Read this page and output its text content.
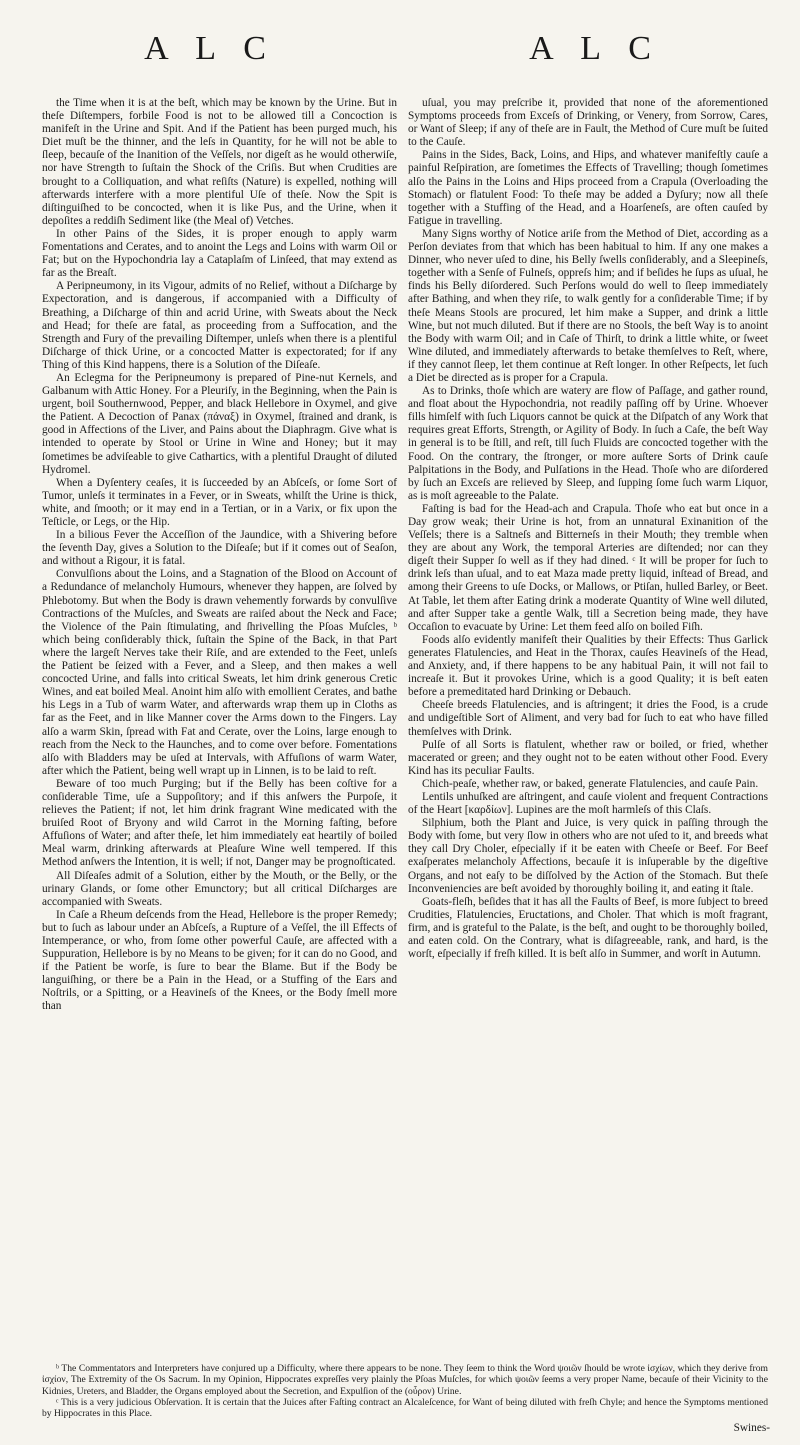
A L C	A L C

the Time when it is at the beſt, which may be known by the Urine. But in theſe Diſtempers, forbile Food is not to be allowed till a Concoction is manifeſt in the Urine and Spit. And if the Patient has been purged much, his Diet muſt be the thinner, and the leſs in Quantity, for he will not be able to ſleep, becauſe of the Inanition of the Veſſels, nor digeſt as he would otherwiſe, nor have Strength to ſuſtain the Shock of the Criſis. But when Crudities are brought to a Colliquation, and what reſiſts (Nature) is expelled, nothing will afterwards interfere with a more plentiful Uſe of theſe. Now the Spit is diſtinguiſhed to be concocted, when it is like Pus, and the Urine, when it depoſites a reddiſh Sediment like (the Meal of) Vetches.

In other Pains of the Sides, it is proper enough to apply warm Fomentations and Cerates, and to anoint the Legs and Loins with warm Oil or Fat; but on the Hypochondria lay a Cataplaſm of Linſeed, that may extend as far as the Breaſt.

A Peripneumony, in its Vigour, admits of no Relief, without a Diſcharge by Expectoration, and is dangerous, if accompanied with a Difficulty of Breathing, a Diſcharge of thin and acrid Urine, with Sweats about the Neck and Head; for theſe are fatal, as proceeding from a Suffocation, and the Strength and Fury of the prevailing Diſtemper, unleſs when there is a plentiful Diſcharge of thick Urine, or a concocted Matter is expectorated; for if any Thing of this Kind happens, there is a Solution of the Diſeaſe.

An Eclegma for the Peripneumony is prepared of Pine-nut Kernels, and Galbanum with Attic Honey. For a Pleuriſy, in the Beginning, when the Pain is urgent, boil Southernwood, Pepper, and black Hellebore in Oxymel, and give the Patient. A Decoction of Panax (πάναξ) in Oxymel, ſtrained and drank, is good in Affections of the Liver, and Pains about the Diaphragm. Give what is intended to operate by Stool or Urine in Wine and Honey; but it may ſometimes be adviſeable to give Cathartics, with a plentiful Draught of diluted Hydromel.

When a Dyſentery ceaſes, it is ſucceeded by an Abſceſs, or ſome Sort of Tumor, unleſs it terminates in a Fever, or in Sweats, whilſt the Urine is thick, white, and ſmooth; or it may end in a Tertian, or in a Varix, or fix upon the Teſticle, or Legs, or the Hip.

In a bilious Fever the Acceſſion of the Jaundice, with a Shivering before the ſeventh Day, gives a Solution to the Diſeaſe; but if it comes out of Seaſon, and without a Rigour, it is fatal.

Convulſions about the Loins, and a Stagnation of the Blood on Account of a Redundance of melancholy Humours, whenever they happen, are ſolved by Phlebotomy. But when the Body is drawn vehemently forwards by convulſive Contractions of the Muſcles, and Sweats are raiſed about the Neck and Face; the Violence of the Pain ſtimulating, and ſhrivelling the Pſoas Muſcles, ᵇ which being conſiderably thick, ſuſtain the Spine of the Back, in that Part where the largeſt Nerves take their Riſe, and are extended to the Feet, unleſs the Patient be ſeized with a Fever, and a Sleep, and then makes a well concocted Urine, and falls into critical Sweats, let him drink generous Cretic Wines, and eat boiled Meal. Anoint him alſo with emollient Cerates, and bathe his Legs in a Tub of warm Water, and afterwards wrap them up in Cloths as far as the Feet, and in like Manner cover the Arms down to the Fingers. Lay alſo a warm Skin, ſpread with Fat and Cerate, over the Loins, large enough to reach from the Neck to the Haunches, and to come over before. Fomentations alſo with Bladders may be uſed at Intervals, with Affuſions of warm Water, after which the Patient, being well wrapt up in Linnen, is to be laid to reſt.

Beware of too much Purging; but if the Belly has been coſtive for a conſiderable Time, uſe a Suppoſitory; and if this anſwers the Purpoſe, it relieves the Patient; if not, let him drink fragrant Wine medicated with the bruiſed Root of Bryony and wild Carrot in the Morning faſting, before Affuſions of Water; and after theſe, let him immediately eat heartily of boiled Meal warm, drinking afterwards at Pleaſure Wine well tempered. If this Method anſwers the Intention, it is well; if not, Danger may be prognoſticated.

All Diſeaſes admit of a Solution, either by the Mouth, or the Belly, or the urinary Glands, or ſome other Emunctory; but all critical Diſcharges are accompanied with Sweats.

In Caſe a Rheum deſcends from the Head, Hellebore is the proper Remedy; but to ſuch as labour under an Abſceſs, a Rupture of a Veſſel, the ill Effects of Intemperance, or who, from ſome other powerful Cauſe, are affected with a Suppuration, Hellebore is by no Means to be given; for it can do no Good, and if the Patient be worſe, is ſure to bear the Blame. But if the Body be languiſhing, or there be a Pain in the Head, or a Stuffing of the Ears and Noſtrils, or a Spitting, or a Heavineſs of the Knees, or the Body ſmell more than

uſual, you may preſcribe it, provided that none of the aforementioned Symptoms proceeds from Exceſs of Drinking, or Venery, from Sorrow, Cares, or Want of Sleep; if any of theſe are in Fault, the Method of Cure muſt be ſuited to the Cauſe.

Pains in the Sides, Back, Loins, and Hips, and whatever manifeſtly cauſe a painful Reſpiration, are ſometimes the Effects of Travelling; though ſometimes alſo the Pains in the Loins and Hips proceed from a Crapula (Overloading the Stomach) or flatulent Food: To theſe may be added a Dyſury; now all theſe together with a Stuffing of the Head, and a Hoarſeneſs, are often cauſed by Fatigue in travelling.

Many Signs worthy of Notice ariſe from the Method of Diet, according as a Perſon deviates from that which has been habitual to him. If any one makes a Dinner, who never uſed to dine, his Belly ſwells conſiderably, and a Sleepineſs, together with a Senſe of Fulneſs, oppreſs him; and if beſides he ſups as uſual, he finds his Belly diſordered. Such Perſons would do well to ſleep immediately after Bathing, and when they riſe, to walk gently for a conſiderable Time; if by theſe Means Stools are procured, let him make a Supper, and drink a little Wine, but not much diluted. But if there are no Stools, the beſt Way is to anoint the Body with warm Oil; and in Caſe of Thirſt, to drink a little white, or ſweet Wine diluted, and immediately afterwards to betake themſelves to Reſt, where, if they cannot ſleep, let them continue at Reſt longer. In other Reſpects, let ſuch a Diet be directed as is proper for a Crapula.

As to Drinks, thoſe which are watery are flow of Paſſage, and gather round, and float about the Hypochondria, not readily paſſing off by Urine. Whoever fills himſelf with ſuch Liquors cannot be quick at the Diſpatch of any Work that requires great Efforts, Strength, or Agility of Body. In ſuch a Caſe, the beſt Way in general is to be ſtill, and reſt, till ſuch Fluids are concocted together with the Food. On the contrary, the ſtronger, or more auſtere Sorts of Drink cauſe Palpitations in the Body, and Pulſations in the Head. Thoſe who are diſordered by ſuch an Exceſs are relieved by Sleep, and ſupping ſome ſuch warm Liquor, as is moſt agreeable to the Palate.

Faſting is bad for the Head-ach and Crapula. Thoſe who eat but once in a Day grow weak; their Urine is hot, from an unnatural Exinanition of the Veſſels; there is a Saltneſs and Bitterneſs in their Mouth; they tremble when they are about any Work, the temporal Arteries are diſtended; nor can they digeſt their Supper ſo well as if they had dined. ᶜ It will be proper for ſuch to drink leſs than uſual, and to eat Maza made pretty liquid, inſtead of Bread, and among their Greens to uſe Docks, or Mallows, or Ptiſan, hulled Barley, or Beet. At Table, let them after Eating drink a moderate Quantity of Wine well diluted, and after Supper take a gentle Walk, till a Secretion being made, they have Occaſion to evacuate by Urine: Let them feed alſo on boiled Fiſh.

Foods alſo evidently manifeſt their Qualities by their Effects: Thus Garlick generates Flatulencies, and Heat in the Thorax, cauſes Heavineſs of the Head, and Anxiety, and, if there happens to be any habitual Pain, it will not fail to increaſe it. But it provokes Urine, which is a good Quality; it is beſt eaten before a premeditated hard Drinking or Debauch.

Cheeſe breeds Flatulencies, and is aſtringent; it dries the Food, is a crude and undigeſtible Sort of Aliment, and very bad for ſuch to eat who have filled themſelves with Drink.

Pulſe of all Sorts is flatulent, whether raw or boiled, or fried, whether macerated or green; and they ought not to be eaten without other Food. Every Kind has its peculiar Faults.

Chich-peaſe, whether raw, or baked, generate Flatulencies, and cauſe Pain.

Lentils unhuſked are aſtringent, and cauſe violent and frequent Contractions of the Heart [καρδίων]. Lupines are the moſt harmleſs of this Claſs.

Silphium, both the Plant and Juice, is very quick in paſſing through the Body with ſome, but very ſlow in others who are not uſed to it, and breeds what they call Dry Choler, eſpecially if it be eaten with Cheeſe or Beef. For Beef exaſperates melancholy Affections, becauſe it is inſuperable by the digeſtive Organs, and not eaſy to be diſſolved by the Action of the Stomach. But theſe Inconveniencies are beſt avoided by thoroughly boiling it, and eating it ſtale.

Goats-fleſh, beſides that it has all the Faults of Beef, is more ſubject to breed Crudities, Flatulencies, Eructations, and Choler. That which is moſt fragrant, firm, and is grateful to the Palate, is the beſt, and ought to be thoroughly boiled, and eaten cold. On the Contrary, what is diſagreeable, rank, and hard, is the worſt, eſpecially if freſh killed. It is beſt alſo in Summer, and worſt in Autumn.

ᵇ The Commentators and Interpreters have conjured up a Difficulty, where there appears to be none. They ſeem to think the Word ψοιῶν ſhould be wrote ἰσχίων, which they derive from ἰσχίον, The Extremity of the Os Sacrum. In my Opinion, Hippocrates expreſſes very plainly the Pſoas Muſcles, for which ψοιῶν ſeems a very proper Name, becauſe of their Vicinity to the Kidnies, Ureters, and Bladder, the Organs employed about the Secretion, and Expulſion of the (οὖρον) Urine.

ᶜ This is a very judicious Obſervation. It is certain that the Juices after Faſting contract an Alcaleſcence, for Want of being diluted with freſh Chyle; and hence the Symptoms mentioned by Hippocrates in this Place.

Swines-
